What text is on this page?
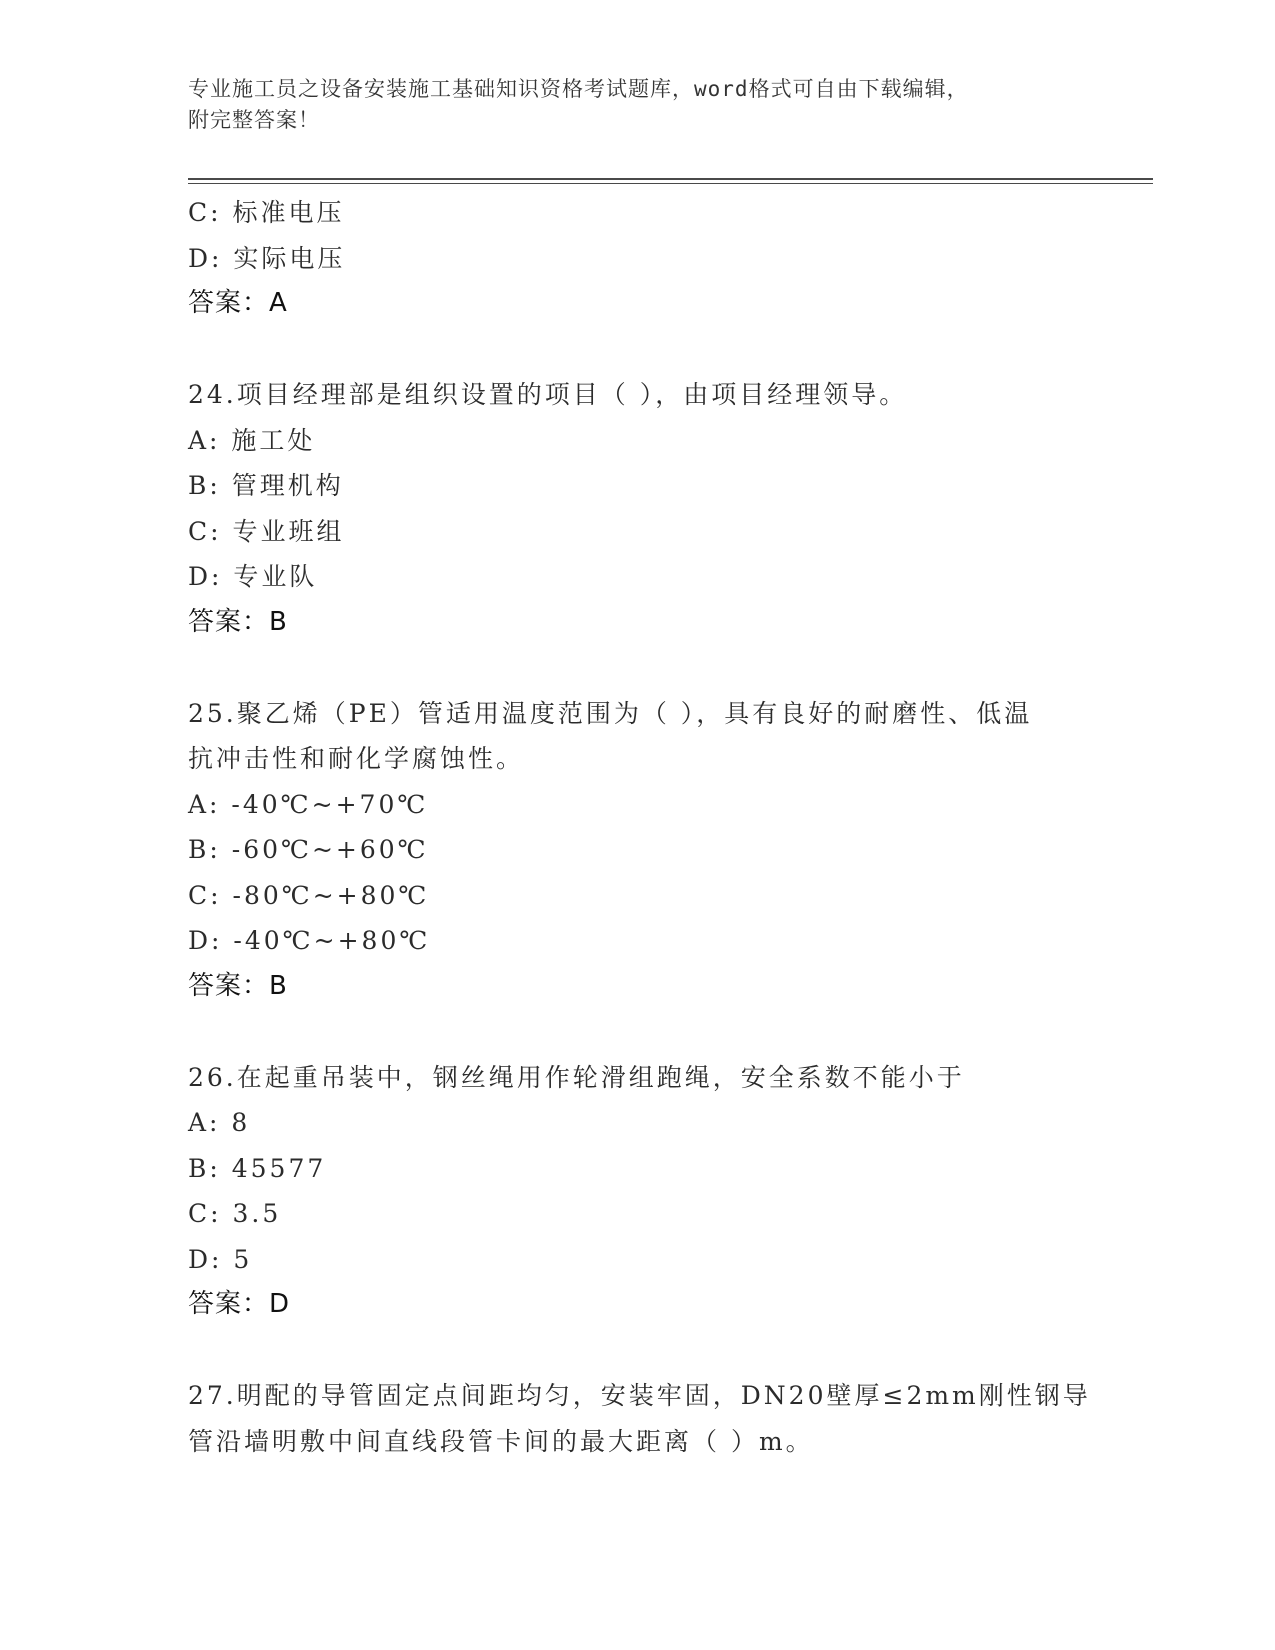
专业施工员之设备安装施工基础知识资格考试题库，word格式可自由下载编辑，
附完整答案！
C: 标准电压
D: 实际电压
答案：A
24.项目经理部是组织设置的项目（ ），由项目经理领导。
A: 施工处
B: 管理机构
C: 专业班组
D: 专业队
答案：B
25.聚乙烯（PE）管适用温度范围为（ ），具有良好的耐磨性、低温
抗冲击性和耐化学腐蚀性。
A: -40℃~+70℃
B: -60℃~+60℃
C: -80℃~+80℃
D: -40℃~+80℃
答案：B
26.在起重吊装中，钢丝绳用作轮滑组跑绳，安全系数不能小于
A: 8
B: 45577
C: 3.5
D: 5
答案：D
27.明配的导管固定点间距均匀，安装牢固，DN20壁厚≤2mm刚性钢导
管沿墙明敷中间直线段管卡间的最大距离（ ）m。
